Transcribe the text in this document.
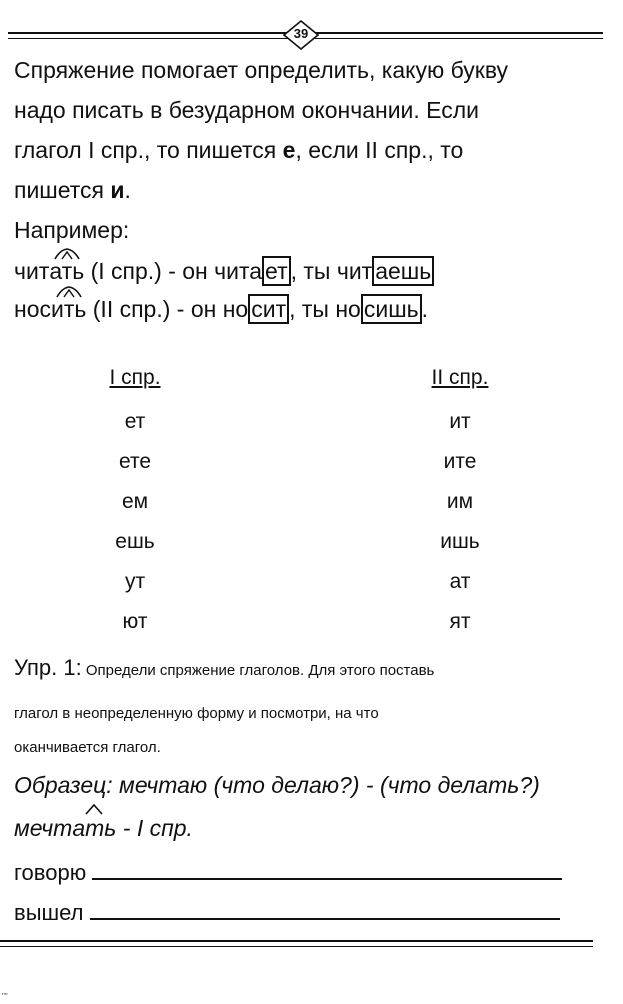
39
Спряжение помогает определить, какую букву
надо писать в безударном окончании. Если
глагол I спр., то пишется е, если II спр., то
пишется и.
Например:
чит
ать (I спр.) - он чита ет , ты чит аешь
нос
ить (II спр.) - он но сит , ты но сишь .
I спр.
ет
ете
ем
ешь
ут
ют
II спр.
ит
ите
им
ишь
ат
ят
Упр. 1: Определи спряжение глаголов. Для этого поставь
глагол в неопределенную форму и посмотри, на что
оканчивается глагол.
Образец: мечтаю (что делаю?) - (что делать?)
мечт
ать - I спр.
говорю
вышел
""
